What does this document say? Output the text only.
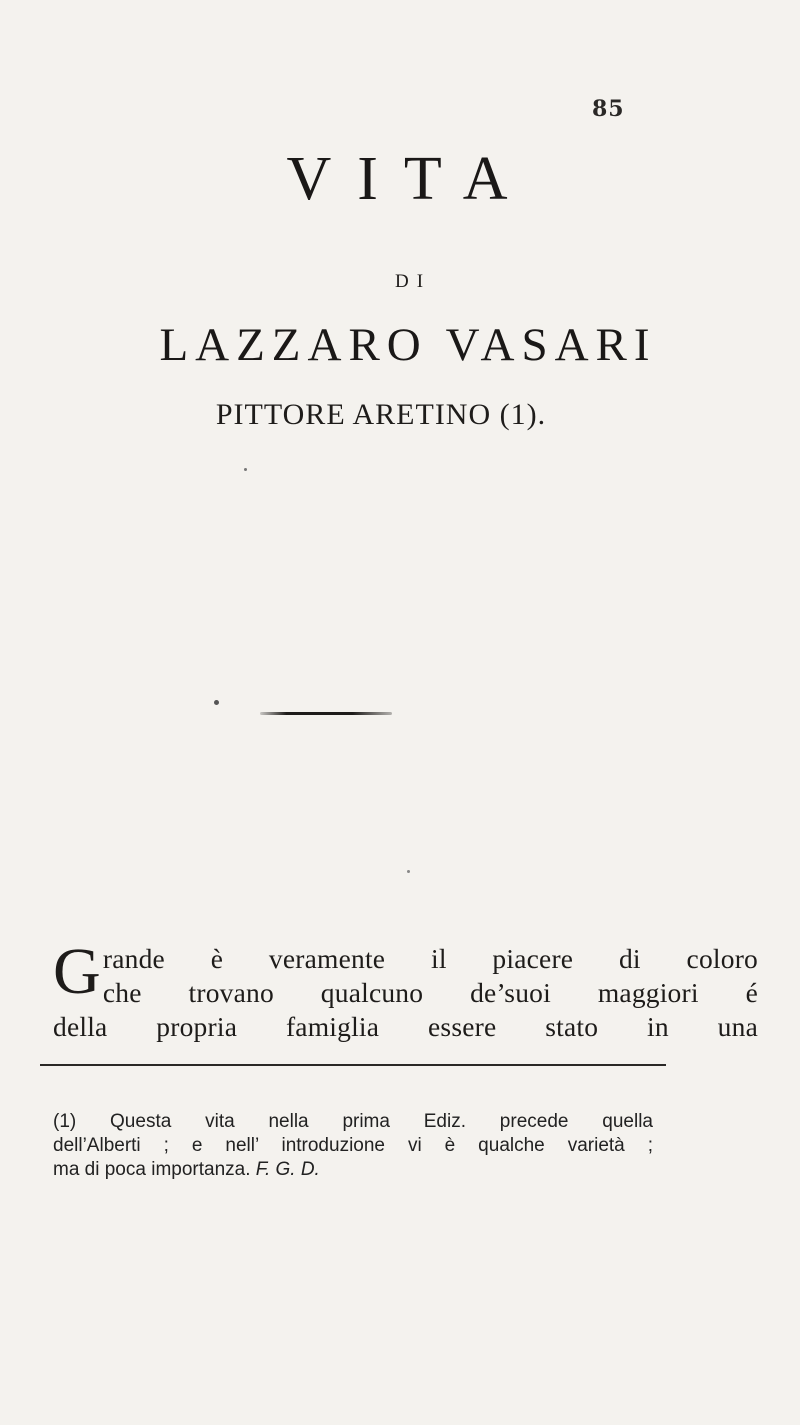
85
VITA
DI
LAZZARO VASARI
PITTORE ARETINO (1).
G rande è veramente il piacere di coloro
che trovano qualcuno de’suoi maggiori é
della propria famiglia essere stato in una
(1) Questa vita nella prima Ediz. precede quella
dell’Alberti ; e nell’ introduzione vi è qualche varietà ;
ma di poca importanza. F. G. D.
